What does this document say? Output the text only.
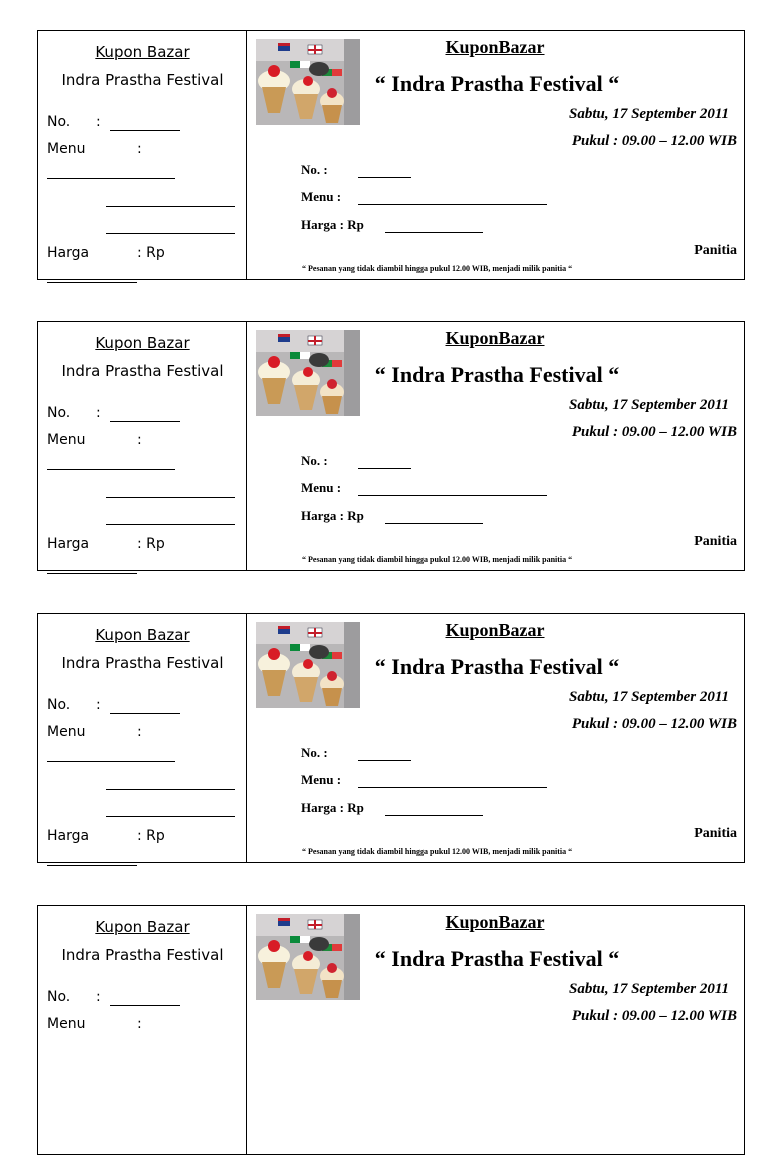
Kupon Bazar
Indra Prastha Festival
No. :
Menu	:
Harga	: Rp
KuponBazar
“ Indra Prastha Festival “
Sabtu, 17 September 2011
Pukul : 09.00 – 12.00 WIB
No. :
Menu :
Harga : Rp
Panitia
“ Pesanan yang tidak diambil hingga pukul 12.00 WIB, menjadi milik panitia “
Kupon Bazar
Indra Prastha Festival
No. :
Menu	:
Harga	: Rp
KuponBazar
“ Indra Prastha Festival “
Sabtu, 17 September 2011
Pukul : 09.00 – 12.00 WIB
No. :
Menu :
Harga : Rp
Panitia
“ Pesanan yang tidak diambil hingga pukul 12.00 WIB, menjadi milik panitia “
Kupon Bazar
Indra Prastha Festival
No. :
Menu	:
Harga	: Rp
KuponBazar
“ Indra Prastha Festival “
Sabtu, 17 September 2011
Pukul : 09.00 – 12.00 WIB
No. :
Menu :
Harga : Rp
Panitia
“ Pesanan yang tidak diambil hingga pukul 12.00 WIB, menjadi milik panitia “
Kupon Bazar
Indra Prastha Festival
No. :
Menu	:
KuponBazar
“ Indra Prastha Festival “
Sabtu, 17 September 2011
Pukul : 09.00 – 12.00 WIB
